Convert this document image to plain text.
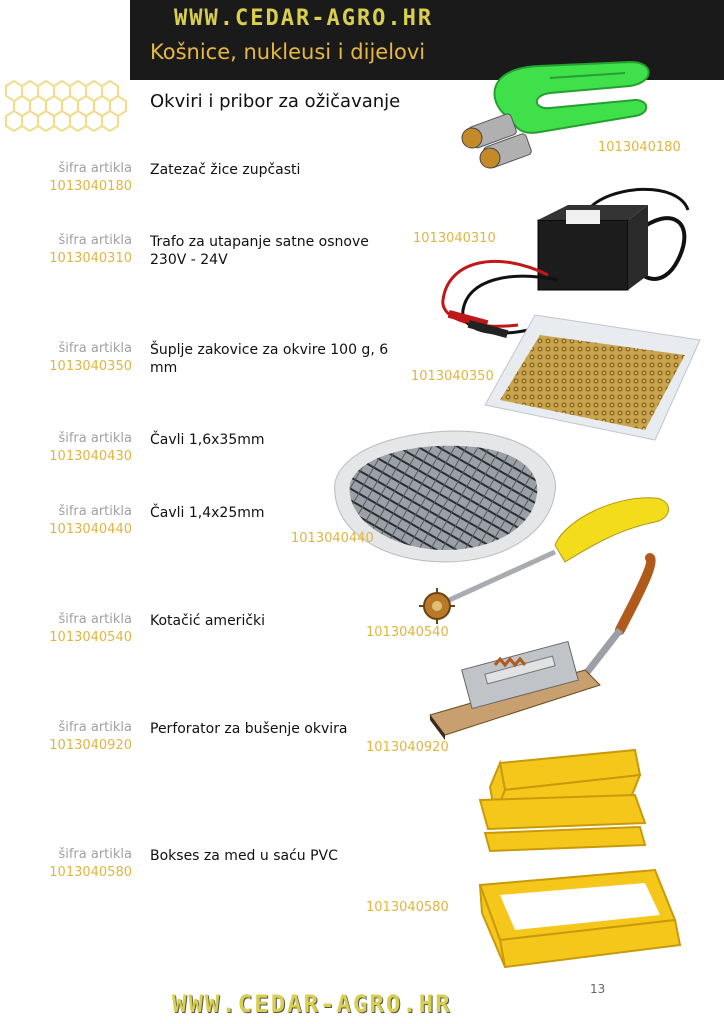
WWW.CEDAR-AGRO.HR
Košnice, nukleusi i dijelovi
Okviri i pribor za ožičavanje
šifra artikla
1013040180
Zatezač žice zupčasti
šifra artikla
1013040310
Trafo za utapanje satne osnove 230V - 24V
šifra artikla
1013040350
Šuplje zakovice za okvire 100 g, 6 mm
šifra artikla
1013040430
Čavli 1,6x35mm
šifra artikla
1013040440
Čavli 1,4x25mm
šifra artikla
1013040540
Kotačić američki
šifra artikla
1013040920
Perforator za bušenje okvira
šifra artikla
1013040580
Bokses za med u saću PVC
1013040180
1013040310
1013040350
1013040440
1013040540
1013040920
1013040580
13
WWW.CEDAR-AGRO.HR
